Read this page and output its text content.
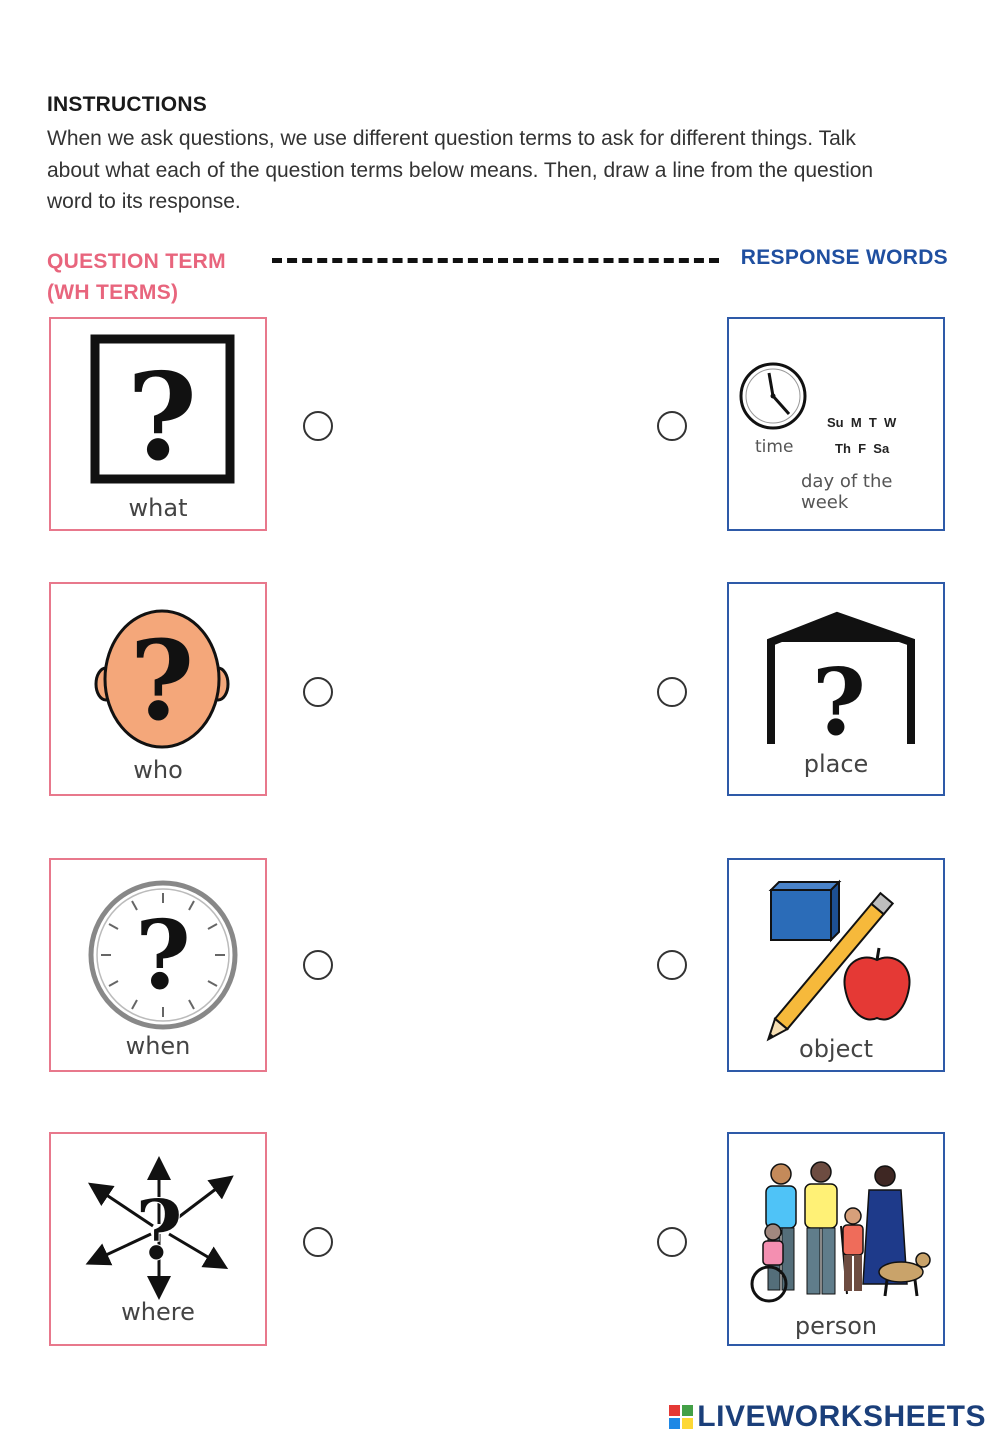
INSTRUCTIONS
When we ask questions, we use different question terms to ask for different things. Talk about what each of the question terms below means. Then, draw a line from the question word to its response.
QUESTION TERM
(WH TERMS)
RESPONSE WORDS
?
what
?
who
?
when
?
where
Su  M  T  W
Th  F  Sa
time
day of the week
?
place
object
person
LIVEWORKSHEETS
